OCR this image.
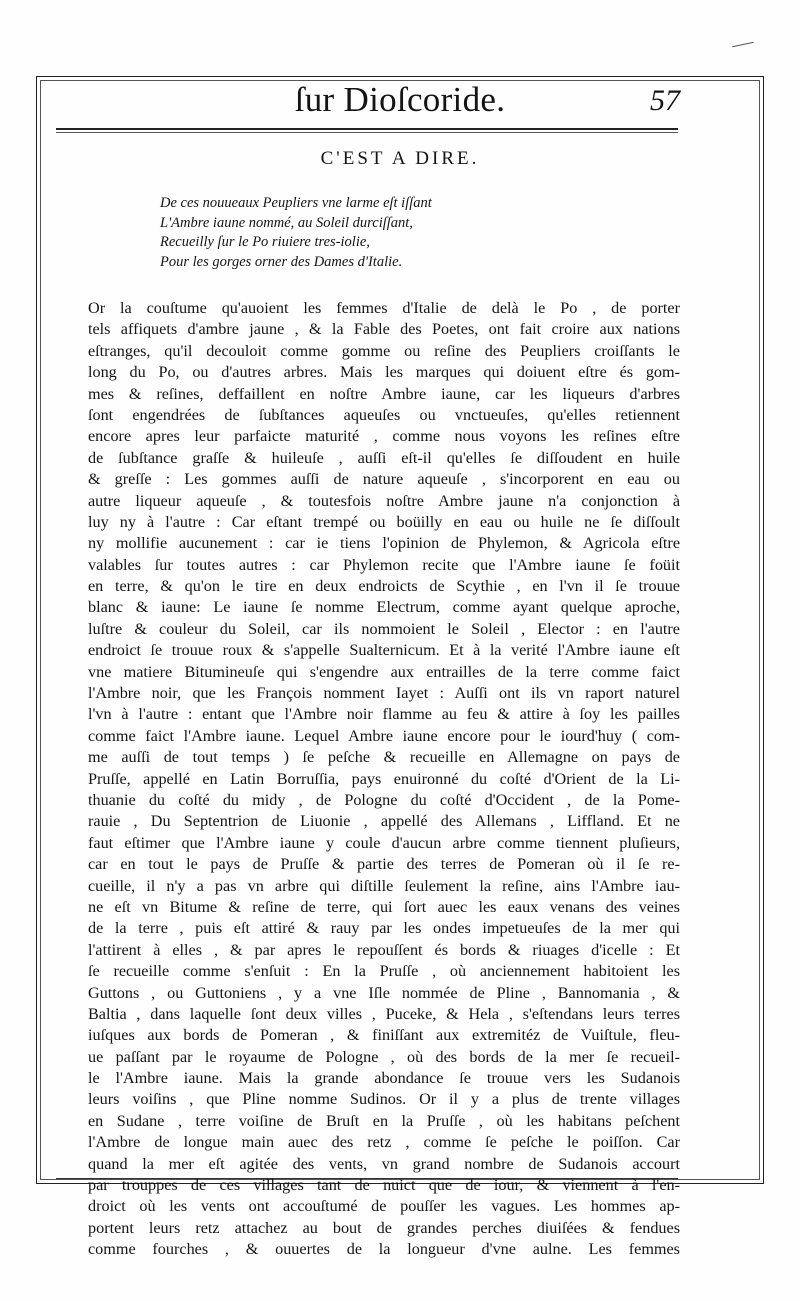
ſur Dioſcoride.	57
C'EST A DIRE.
De ces nouueaux Peupliers vne larme eſt iſſant
L'Ambre iaune nommé, au Soleil durciſſant,
Recueilly ſur le Po riuiere tres-iolie,
Pour les gorges orner des Dames d'Italie.
Or la couſtume qu'auoient les femmes d'Italie de delà le Po , de porter
tels affiquets d'ambre jaune , & la Fable des Poetes, ont fait croire aux nations
eſtranges, qu'il decouloit comme gomme ou reſine des Peupliers croiſſants le
long du Po, ou d'autres arbres. Mais les marques qui doiuent eſtre és gom-
mes & reſines, deffaillent en noſtre Ambre iaune, car les liqueurs d'arbres
ſont engendrées de ſubſtances aqueuſes ou vnctueuſes, qu'elles retiennent
encore apres leur parfaicte maturité , comme nous voyons les reſines eſtre
de ſubſtance graſſe & huileuſe , auſſi eſt-il qu'elles ſe diſſoudent en huile
& greſſe : Les gommes auſſi de nature aqueuſe , s'incorporent en eau ou
autre liqueur aqueuſe , & toutesfois noſtre Ambre jaune n'a conjonction à
luy ny à l'autre : Car eſtant trempé ou boüilly en eau ou huile ne ſe diſſoult
ny mollifie aucunement : car ie tiens l'opinion de Phylemon, & Agricola eſtre
valables ſur toutes autres : car Phylemon recite que l'Ambre iaune ſe foüit
en terre, & qu'on le tire en deux endroicts de Scythie , en l'vn il ſe trouue
blanc & iaune: Le iaune ſe nomme Electrum, comme ayant quelque aproche,
luſtre & couleur du Soleil, car ils nommoient le Soleil , Elector : en l'autre
endroict ſe trouue roux & s'appelle Sualternicum. Et à la verité l'Ambre iaune eſt
vne matiere Bitumineuſe qui s'engendre aux entrailles de la terre comme faict
l'Ambre noir, que les François nomment Iayet : Auſſi ont ils vn raport naturel
l'vn à l'autre : entant que l'Ambre noir flamme au feu & attire à ſoy les pailles
comme faict l'Ambre iaune. Lequel Ambre iaune encore pour le iourd'huy ( com-
me auſſi de tout temps ) ſe peſche & recueille en Allemagne on pays de
Pruſſe, appellé en Latin Borruſſia, pays enuironné du coſté d'Orient de la Li-
thuanie du coſté du midy , de Pologne du coſté d'Occident , de la Pome-
rauie , Du Septentrion de Liuonie , appellé des Allemans , Liffland. Et ne
faut eſtimer que l'Ambre iaune y coule d'aucun arbre comme tiennent pluſieurs,
car en tout le pays de Pruſſe & partie des terres de Pomeran où il ſe re-
cueille, il n'y a pas vn arbre qui diſtille ſeulement la reſine, ains l'Ambre iau-
ne eſt vn Bitume & reſine de terre, qui ſort auec les eaux venans des veines
de la terre , puis eſt attiré & rauy par les ondes impetueuſes de la mer qui
l'attirent à elles , & par apres le repouſſent és bords & riuages d'icelle : Et
ſe recueille comme s'enſuit : En la Pruſſe , où anciennement habitoient les
Guttons , ou Guttoniens , y a vne Iſle nommée de Pline , Bannomania , &
Baltia , dans laquelle ſont deux villes , Puceke, & Hela , s'eſtendans leurs terres
iuſques aux bords de Pomeran , & finiſſant aux extremitéz de Vuiſtule, fleu-
ue paſſant par le royaume de Pologne , où des bords de la mer ſe recueil-
le l'Ambre iaune. Mais la grande abondance ſe trouue vers les Sudanois
leurs voiſins , que Pline nomme Sudinos. Or il y a plus de trente villages
en Sudane , terre voiſine de Bruſt en la Pruſſe , où les habitans peſchent
l'Ambre de longue main auec des retz , comme ſe peſche le poiſſon. Car
quand la mer eſt agitée des vents, vn grand nombre de Sudanois accourt
par trouppes de ces villages tant de nuict que de iour, & viennent à l'en-
droict où les vents ont accouſtumé de pouſſer les vagues. Les hommes ap-
portent leurs retz attachez au bout de grandes perches diuiſées & fendues
comme fourches , & ouuertes de la longueur d'vne aulne. Les femmes
